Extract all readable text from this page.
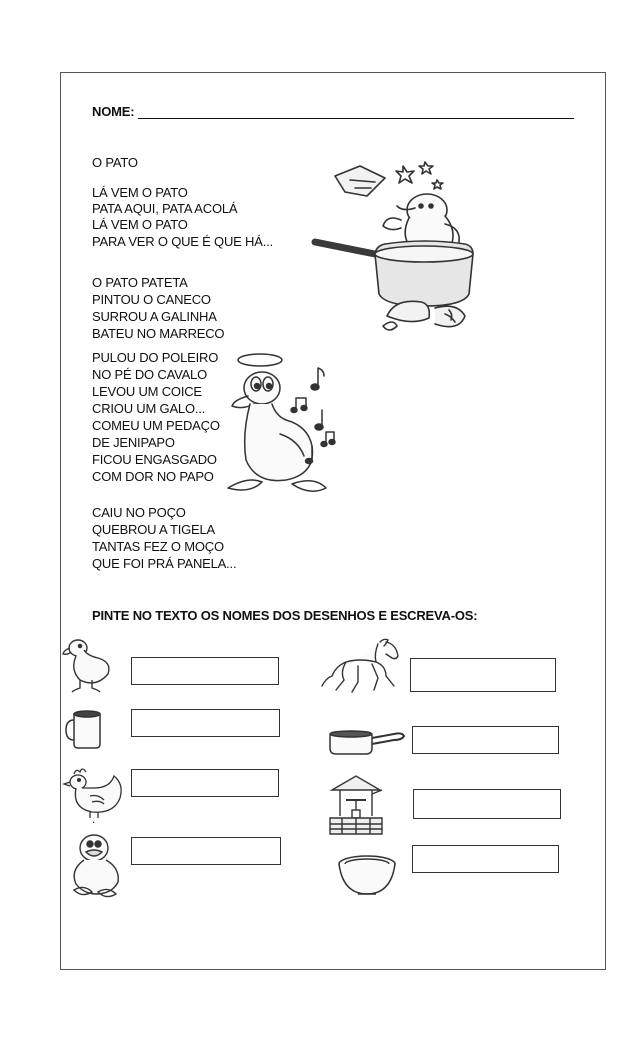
NOME:
O PATO
LÁ VEM O PATO
PATA AQUI, PATA ACOLÁ
LÁ VEM O PATO
PARA VER O QUE É QUE HÁ...
O PATO PATETA
PINTOU O CANECO
SURROU A GALINHA
BATEU NO MARRECO
PULOU DO POLEIRO
NO PÉ DO CAVALO
LEVOU UM COICE
CRIOU UM GALO...
COMEU UM PEDAÇO
DE JENIPAPO
FICOU ENGASGADO
COM DOR NO PAPO
CAIU NO POÇO
QUEBROU A TIGELA
TANTAS FEZ O MOÇO
QUE FOI PRÁ PANELA...
PINTE NO TEXTO OS NOMES DOS DESENHOS E ESCREVA-OS:
.
